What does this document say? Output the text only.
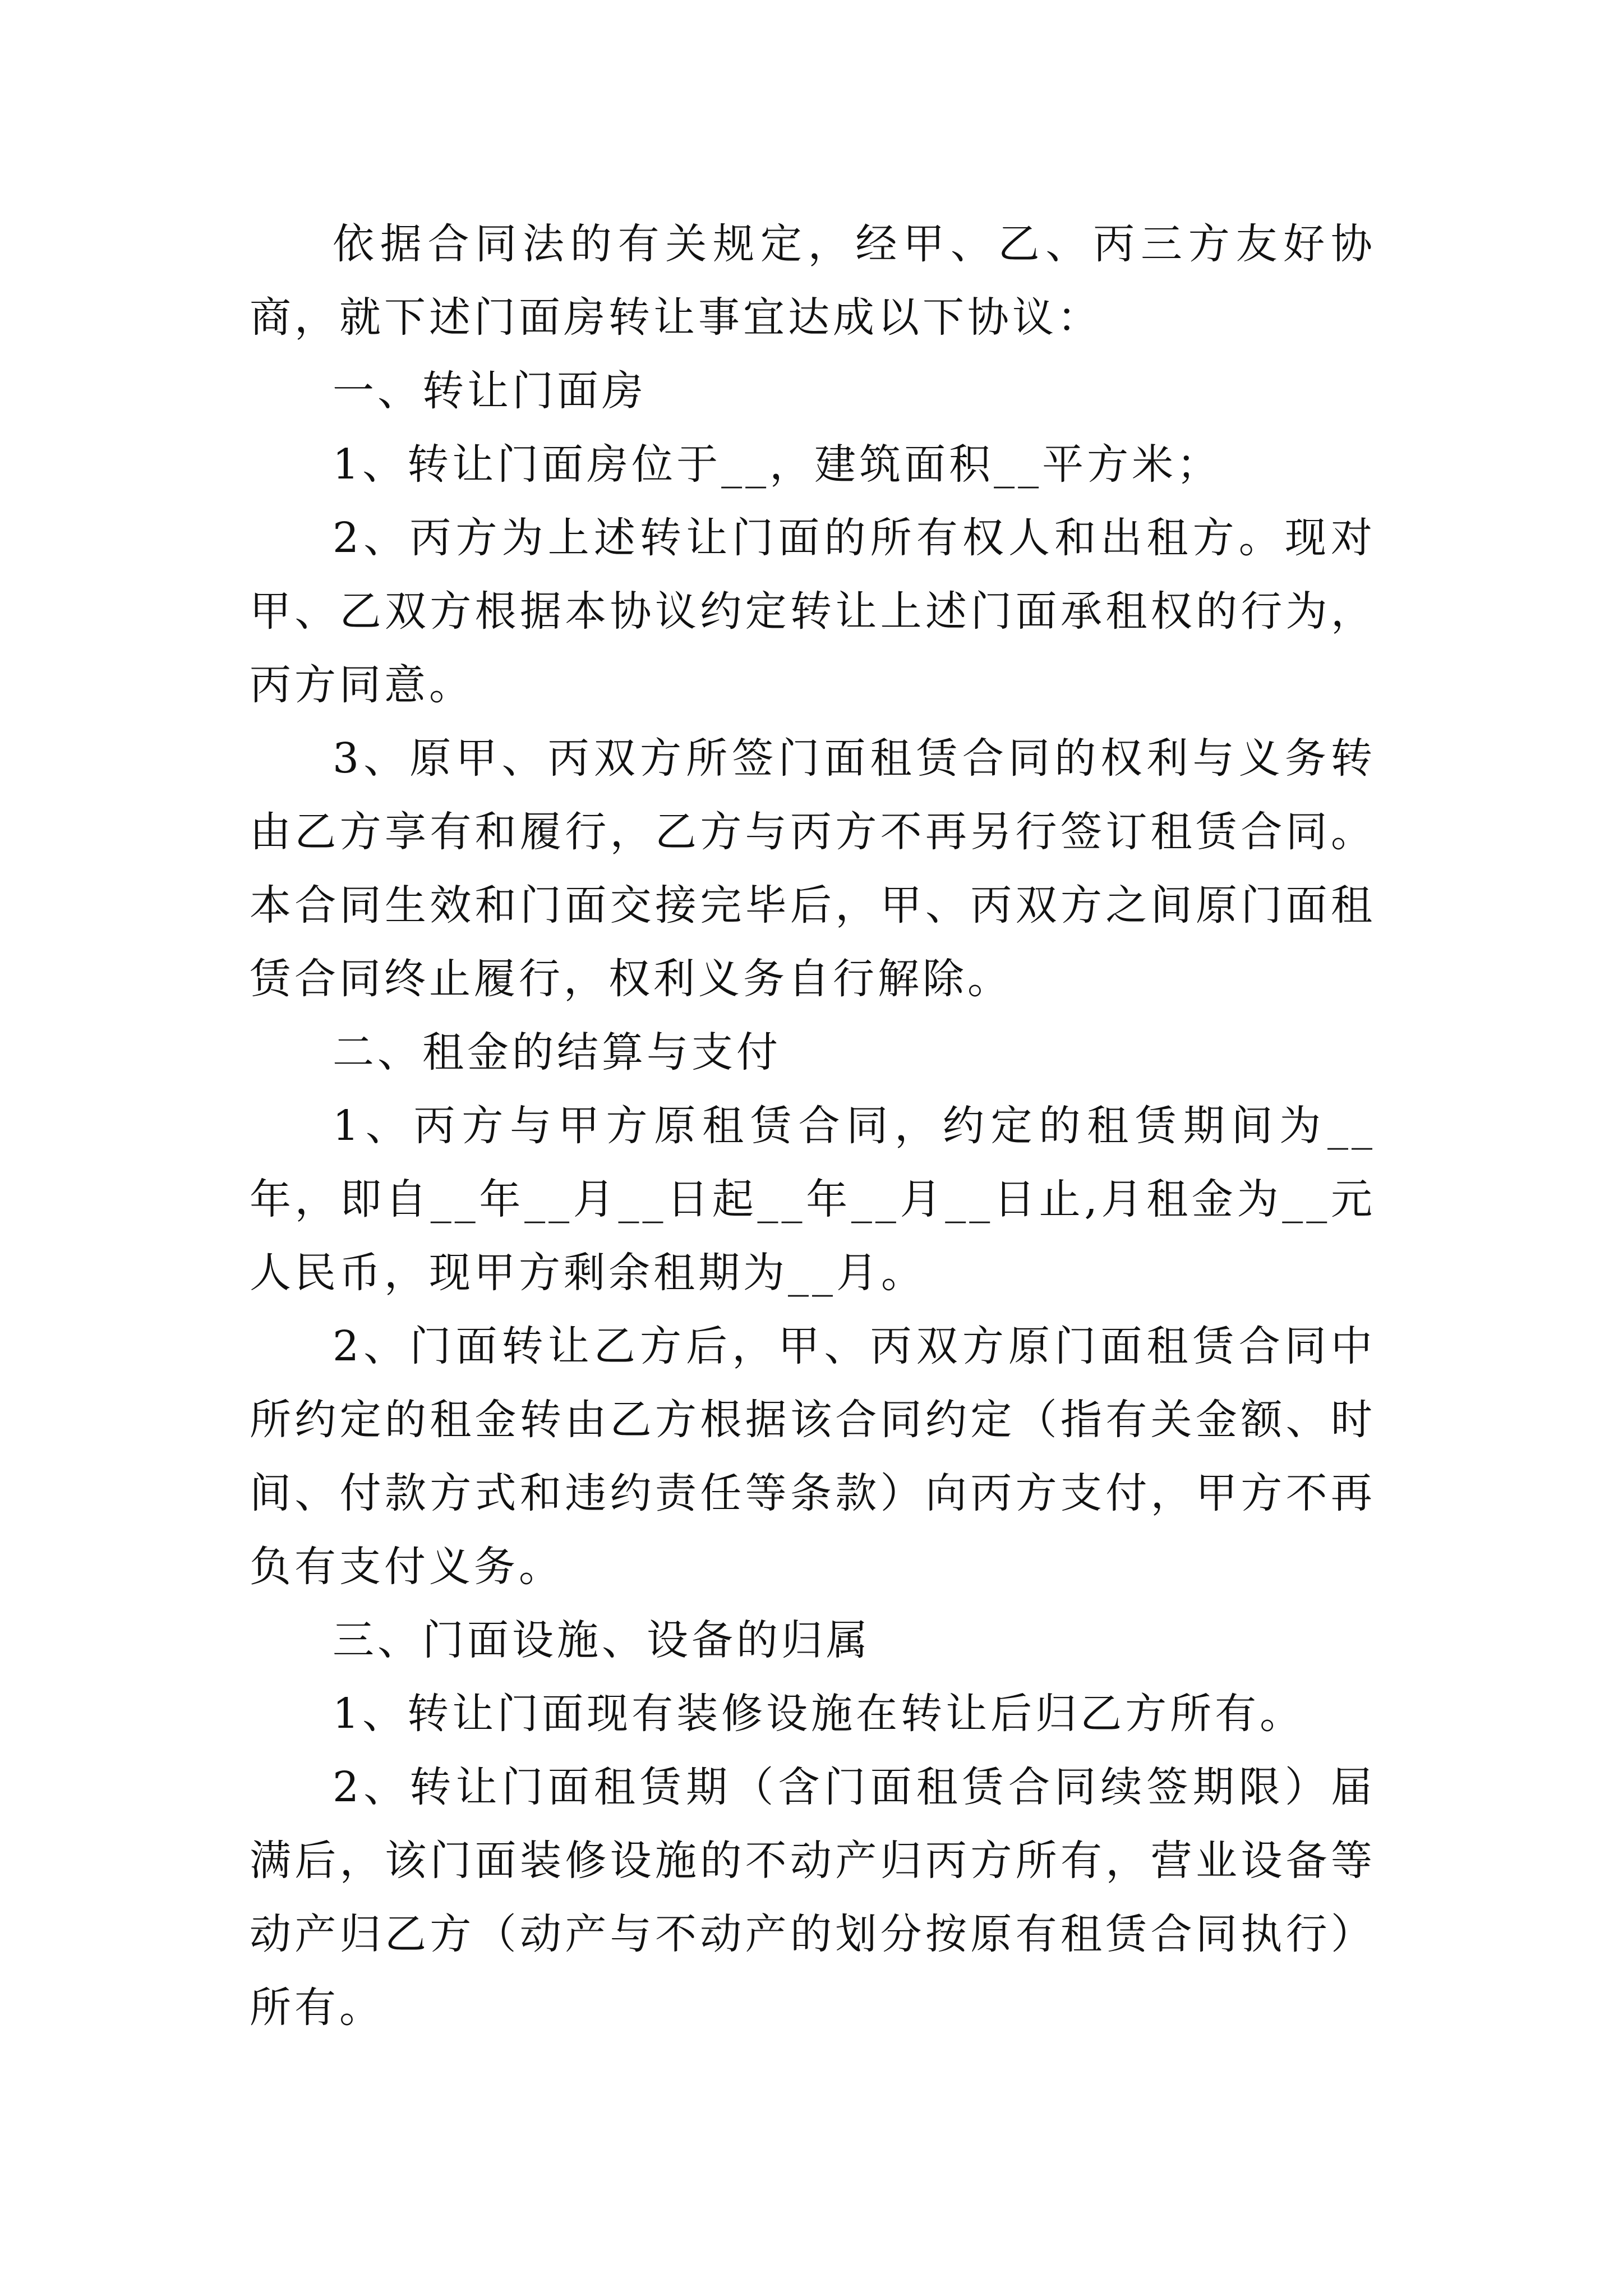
依据合同法的有关规定，经甲、乙、丙三方友好协商，就下述门面房转让事宜达成以下协议：

一、转让门面房

1、转让门面房位于__，建筑面积__平方米；

2、丙方为上述转让门面的所有权人和出租方。现对甲、乙双方根据本协议约定转让上述门面承租权的行为，丙方同意。

3、原甲、丙双方所签门面租赁合同的权利与义务转由乙方享有和履行，乙方与丙方不再另行签订租赁合同。本合同生效和门面交接完毕后，甲、丙双方之间原门面租赁合同终止履行，权利义务自行解除。

二、租金的结算与支付

1、丙方与甲方原租赁合同，约定的租赁期间为__年，即自__年__月__日起__年__月__日止,月租金为__元人民币，现甲方剩余租期为__月。

2、门面转让乙方后，甲、丙双方原门面租赁合同中所约定的租金转由乙方根据该合同约定（指有关金额、时间、付款方式和违约责任等条款）向丙方支付，甲方不再负有支付义务。

三、门面设施、设备的归属

1、转让门面现有装修设施在转让后归乙方所有。

2、转让门面租赁期（含门面租赁合同续签期限）届满后，该门面装修设施的不动产归丙方所有，营业设备等动产归乙方（动产与不动产的划分按原有租赁合同执行）所有。
